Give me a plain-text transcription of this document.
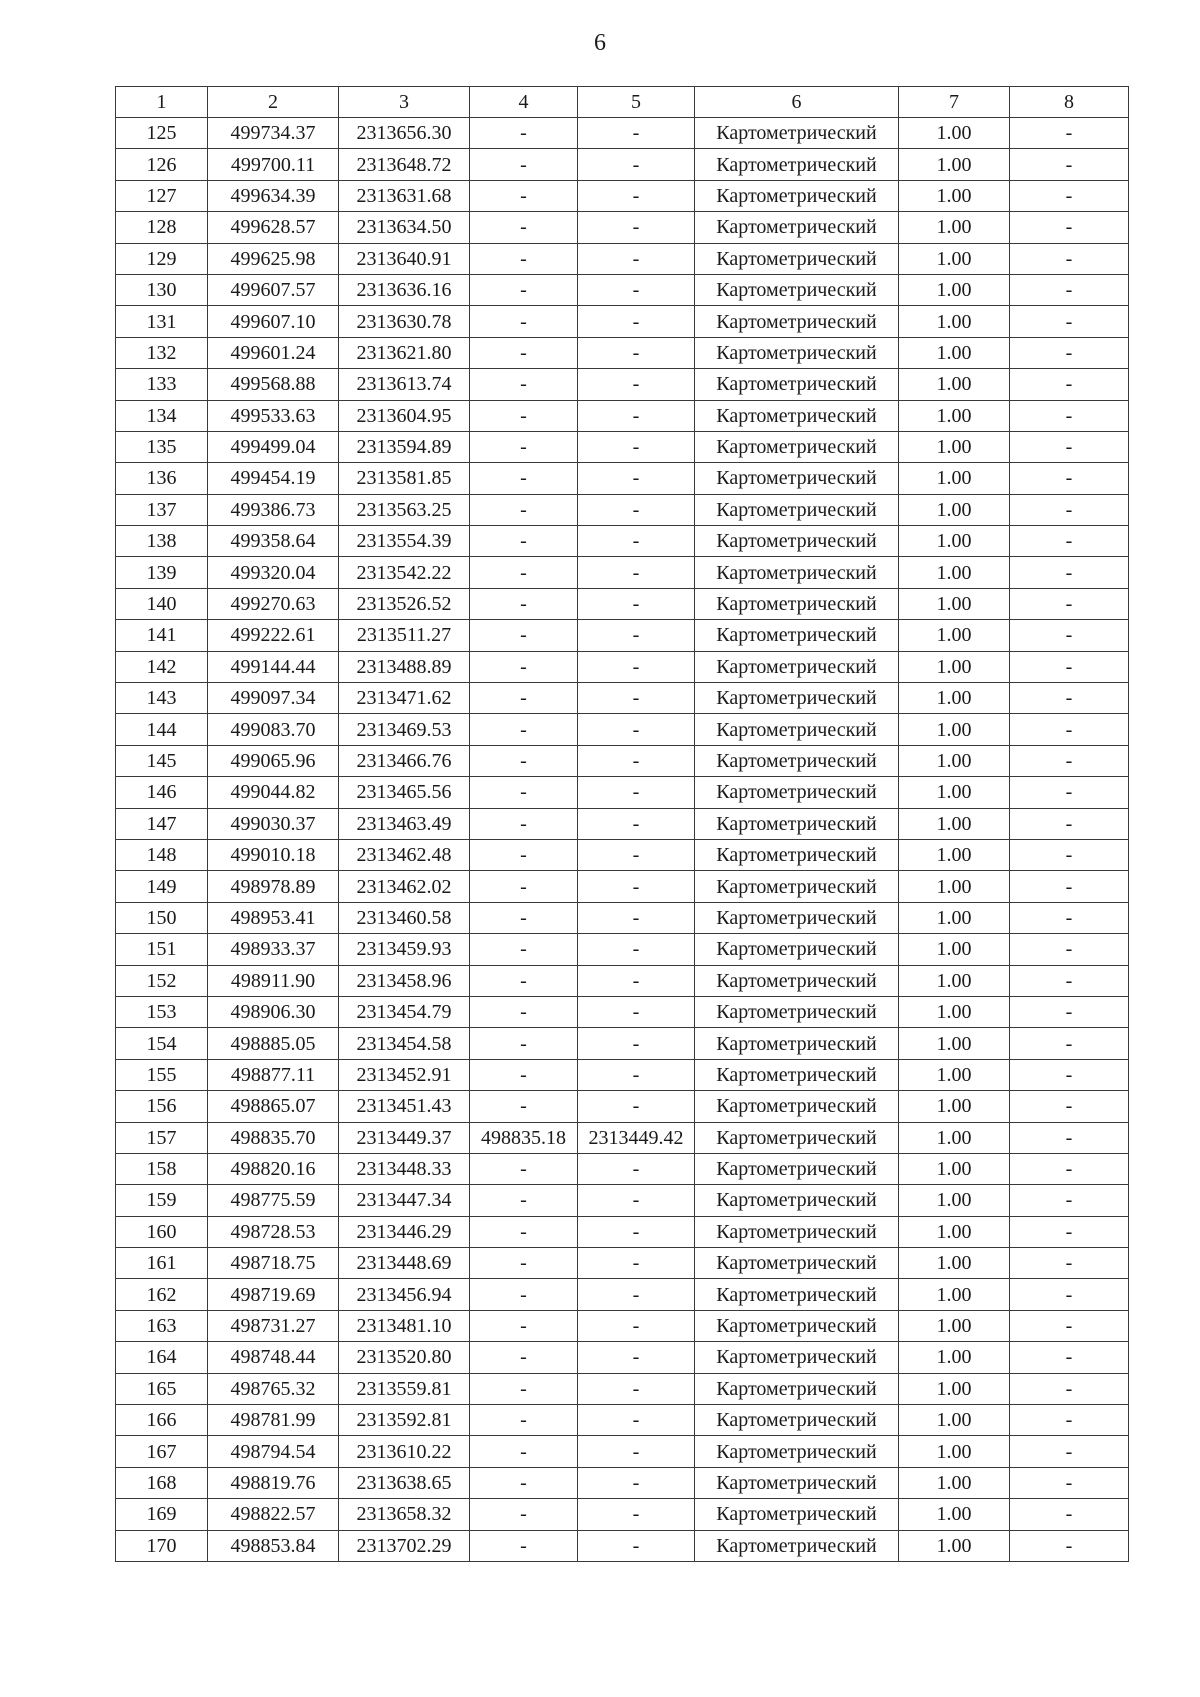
6
1	2	3	4	5	6	7	8
125	499734.37	2313656.30	-	-	Картометрический	1.00	-
126	499700.11	2313648.72	-	-	Картометрический	1.00	-
127	499634.39	2313631.68	-	-	Картометрический	1.00	-
128	499628.57	2313634.50	-	-	Картометрический	1.00	-
129	499625.98	2313640.91	-	-	Картометрический	1.00	-
130	499607.57	2313636.16	-	-	Картометрический	1.00	-
131	499607.10	2313630.78	-	-	Картометрический	1.00	-
132	499601.24	2313621.80	-	-	Картометрический	1.00	-
133	499568.88	2313613.74	-	-	Картометрический	1.00	-
134	499533.63	2313604.95	-	-	Картометрический	1.00	-
135	499499.04	2313594.89	-	-	Картометрический	1.00	-
136	499454.19	2313581.85	-	-	Картометрический	1.00	-
137	499386.73	2313563.25	-	-	Картометрический	1.00	-
138	499358.64	2313554.39	-	-	Картометрический	1.00	-
139	499320.04	2313542.22	-	-	Картометрический	1.00	-
140	499270.63	2313526.52	-	-	Картометрический	1.00	-
141	499222.61	2313511.27	-	-	Картометрический	1.00	-
142	499144.44	2313488.89	-	-	Картометрический	1.00	-
143	499097.34	2313471.62	-	-	Картометрический	1.00	-
144	499083.70	2313469.53	-	-	Картометрический	1.00	-
145	499065.96	2313466.76	-	-	Картометрический	1.00	-
146	499044.82	2313465.56	-	-	Картометрический	1.00	-
147	499030.37	2313463.49	-	-	Картометрический	1.00	-
148	499010.18	2313462.48	-	-	Картометрический	1.00	-
149	498978.89	2313462.02	-	-	Картометрический	1.00	-
150	498953.41	2313460.58	-	-	Картометрический	1.00	-
151	498933.37	2313459.93	-	-	Картометрический	1.00	-
152	498911.90	2313458.96	-	-	Картометрический	1.00	-
153	498906.30	2313454.79	-	-	Картометрический	1.00	-
154	498885.05	2313454.58	-	-	Картометрический	1.00	-
155	498877.11	2313452.91	-	-	Картометрический	1.00	-
156	498865.07	2313451.43	-	-	Картометрический	1.00	-
157	498835.70	2313449.37	498835.18	2313449.42	Картометрический	1.00	-
158	498820.16	2313448.33	-	-	Картометрический	1.00	-
159	498775.59	2313447.34	-	-	Картометрический	1.00	-
160	498728.53	2313446.29	-	-	Картометрический	1.00	-
161	498718.75	2313448.69	-	-	Картометрический	1.00	-
162	498719.69	2313456.94	-	-	Картометрический	1.00	-
163	498731.27	2313481.10	-	-	Картометрический	1.00	-
164	498748.44	2313520.80	-	-	Картометрический	1.00	-
165	498765.32	2313559.81	-	-	Картометрический	1.00	-
166	498781.99	2313592.81	-	-	Картометрический	1.00	-
167	498794.54	2313610.22	-	-	Картометрический	1.00	-
168	498819.76	2313638.65	-	-	Картометрический	1.00	-
169	498822.57	2313658.32	-	-	Картометрический	1.00	-
170	498853.84	2313702.29	-	-	Картометрический	1.00	-
